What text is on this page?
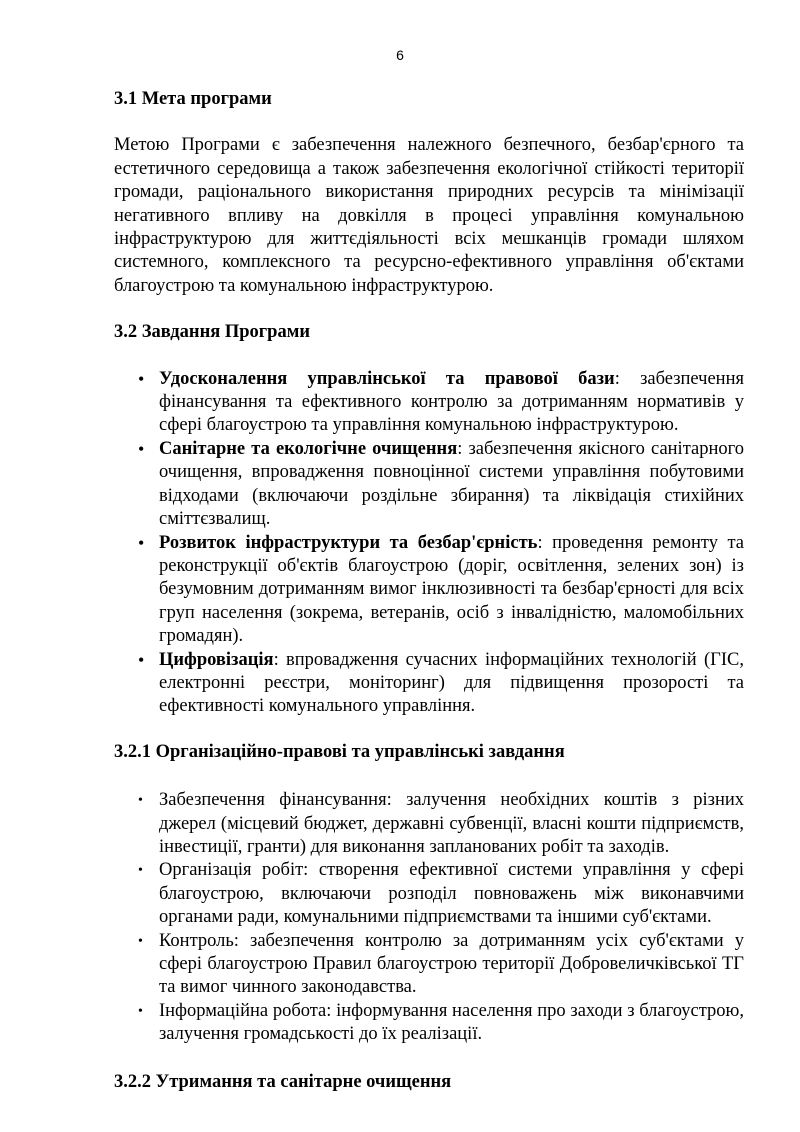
6
3.1 Мета програми

Метою Програми є забезпечення належного безпечного, безбар'єрного та естетичного середовища а також забезпечення екологічної стійкості території громади, раціонального використання природних ресурсів та мінімізації негативного впливу на довкілля в процесі управління комунальною інфраструктурою для життєдіяльності всіх мешканців громади шляхом системного, комплексного та ресурсно-ефективного управління об'єктами благоустрою та комунальною інфраструктурою.

3.2 Завдання Програми
• Удосконалення управлінської та правової бази: забезпечення фінансування та ефективного контролю за дотриманням нормативів у сфері благоустрою та управління комунальною інфраструктурою.
• Санітарне та екологічне очищення: забезпечення якісного санітарного очищення, впровадження повноцінної системи управління побутовими відходами (включаючи роздільне збирання) та ліквідація стихійних сміттєзвалищ.
• Розвиток інфраструктури та безбар'єрність: проведення ремонту та реконструкції об'єктів благоустрою (доріг, освітлення, зелених зон) із безумовним дотриманням вимог інклюзивності та безбар'єрності для всіх груп населення (зокрема, ветеранів, осіб з інвалідністю, маломобільних громадян).
• Цифровізація: впровадження сучасних інформаційних технологій (ГІС, електронні реєстри, моніторинг) для підвищення прозорості та ефективності комунального управління.
3.2.1 Організаційно-правові та управлінські завдання
• Забезпечення фінансування: залучення необхідних коштів з різних джерел (місцевий бюджет, державні субвенції, власні кошти підприємств, інвестиції, гранти) для виконання запланованих робіт та заходів.
• Організація робіт: створення ефективної системи управління у сфері благоустрою, включаючи розподіл повноважень між виконавчими органами ради, комунальними підприємствами та іншими суб'єктами.
• Контроль: забезпечення контролю за дотриманням усіх суб'єктами у сфері благоустрою Правил благоустрою території Добровеличківської ТГ та вимог чинного законодавства.
• Інформаційна робота: інформування населення про заходи з благоустрою, залучення громадськості до їх реалізації.
3.2.2 Утримання та санітарне очищення
